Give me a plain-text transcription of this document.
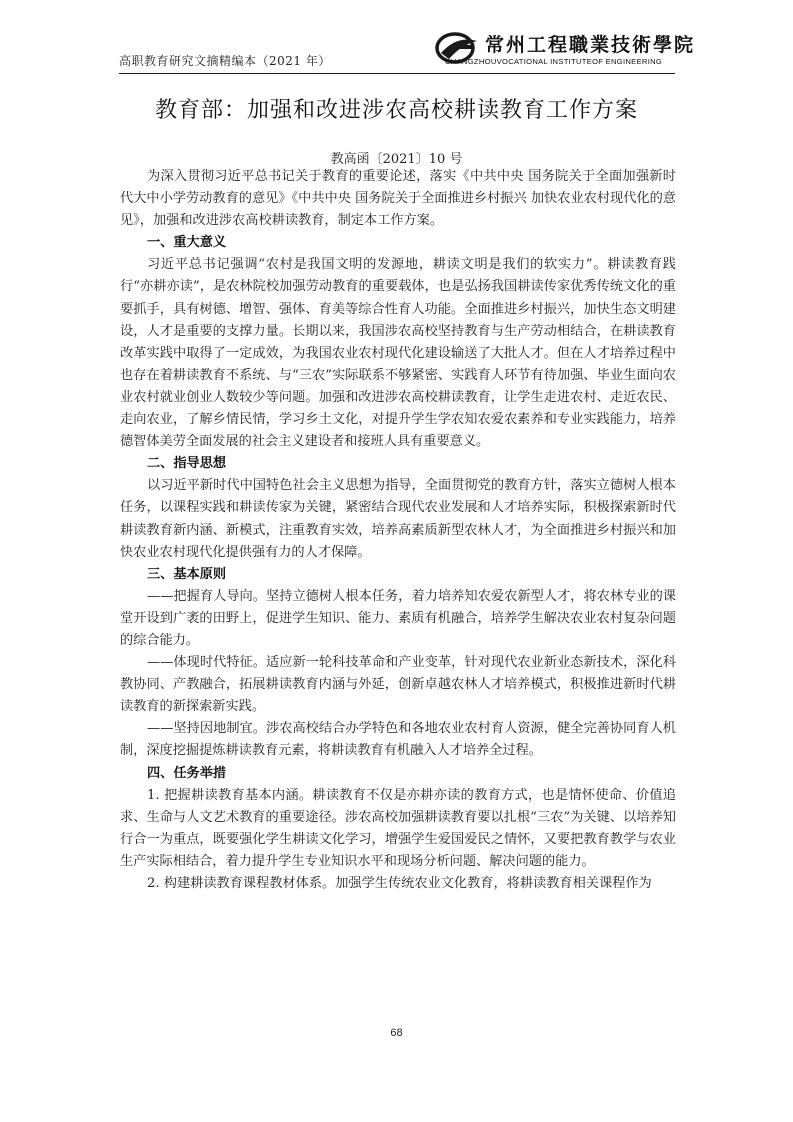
高职教育研究文摘精编本（2021 年）
常州工程職業技術學院
CHANGZHOUVOCATIONAL INSTITUTEOF ENGINEERING
教育部：加强和改进涉农高校耕读教育工作方案
教高函〔2021〕10 号

为深入贯彻习近平总书记关于教育的重要论述，落实《中共中央 国务院关于全面加强新时代大中小学劳动教育的意见》《中共中央 国务院关于全面推进乡村振兴 加快农业农村现代化的意见》，加强和改进涉农高校耕读教育，制定本工作方案。

一、重大意义

习近平总书记强调“农村是我国文明的发源地，耕读文明是我们的软实力”。耕读教育践行“亦耕亦读”，是农林院校加强劳动教育的重要载体，也是弘扬我国耕读传家优秀传统文化的重要抓手，具有树德、增智、强体、育美等综合性育人功能。全面推进乡村振兴，加快生态文明建设，人才是重要的支撑力量。长期以来，我国涉农高校坚持教育与生产劳动相结合，在耕读教育改革实践中取得了一定成效，为我国农业农村现代化建设输送了大批人才。但在人才培养过程中也存在着耕读教育不系统、与“三农”实际联系不够紧密、实践育人环节有待加强、毕业生面向农业农村就业创业人数较少等问题。加强和改进涉农高校耕读教育，让学生走进农村、走近农民、走向农业，了解乡情民情，学习乡土文化，对提升学生学农知农爱农素养和专业实践能力，培养德智体美劳全面发展的社会主义建设者和接班人具有重要意义。

二、指导思想

以习近平新时代中国特色社会主义思想为指导，全面贯彻党的教育方针，落实立德树人根本任务，以课程实践和耕读传家为关键，紧密结合现代农业发展和人才培养实际，积极探索新时代耕读教育新内涵、新模式，注重教育实效，培养高素质新型农林人才，为全面推进乡村振兴和加快农业农村现代化提供强有力的人才保障。

三、基本原则

——把握育人导向。坚持立德树人根本任务，着力培养知农爱农新型人才，将农林专业的课堂开设到广袤的田野上，促进学生知识、能力、素质有机融合，培养学生解决农业农村复杂问题的综合能力。

——体现时代特征。适应新一轮科技革命和产业变革，针对现代农业新业态新技术，深化科教协同、产教融合，拓展耕读教育内涵与外延，创新卓越农林人才培养模式，积极推进新时代耕读教育的新探索新实践。

——坚持因地制宜。涉农高校结合办学特色和各地农业农村育人资源，健全完善协同育人机制，深度挖掘提炼耕读教育元素，将耕读教育有机融入人才培养全过程。

四、任务举措

1. 把握耕读教育基本内涵。耕读教育不仅是亦耕亦读的教育方式，也是情怀使命、价值追求、生命与人文艺术教育的重要途径。涉农高校加强耕读教育要以扎根“三农”为关键、以培养知行合一为重点，既要强化学生耕读文化学习，增强学生爱国爱民之情怀，又要把教育教学与农业生产实际相结合，着力提升学生专业知识水平和现场分析问题、解决问题的能力。

2. 构建耕读教育课程教材体系。加强学生传统农业文化教育，将耕读教育相关课程作为

68
